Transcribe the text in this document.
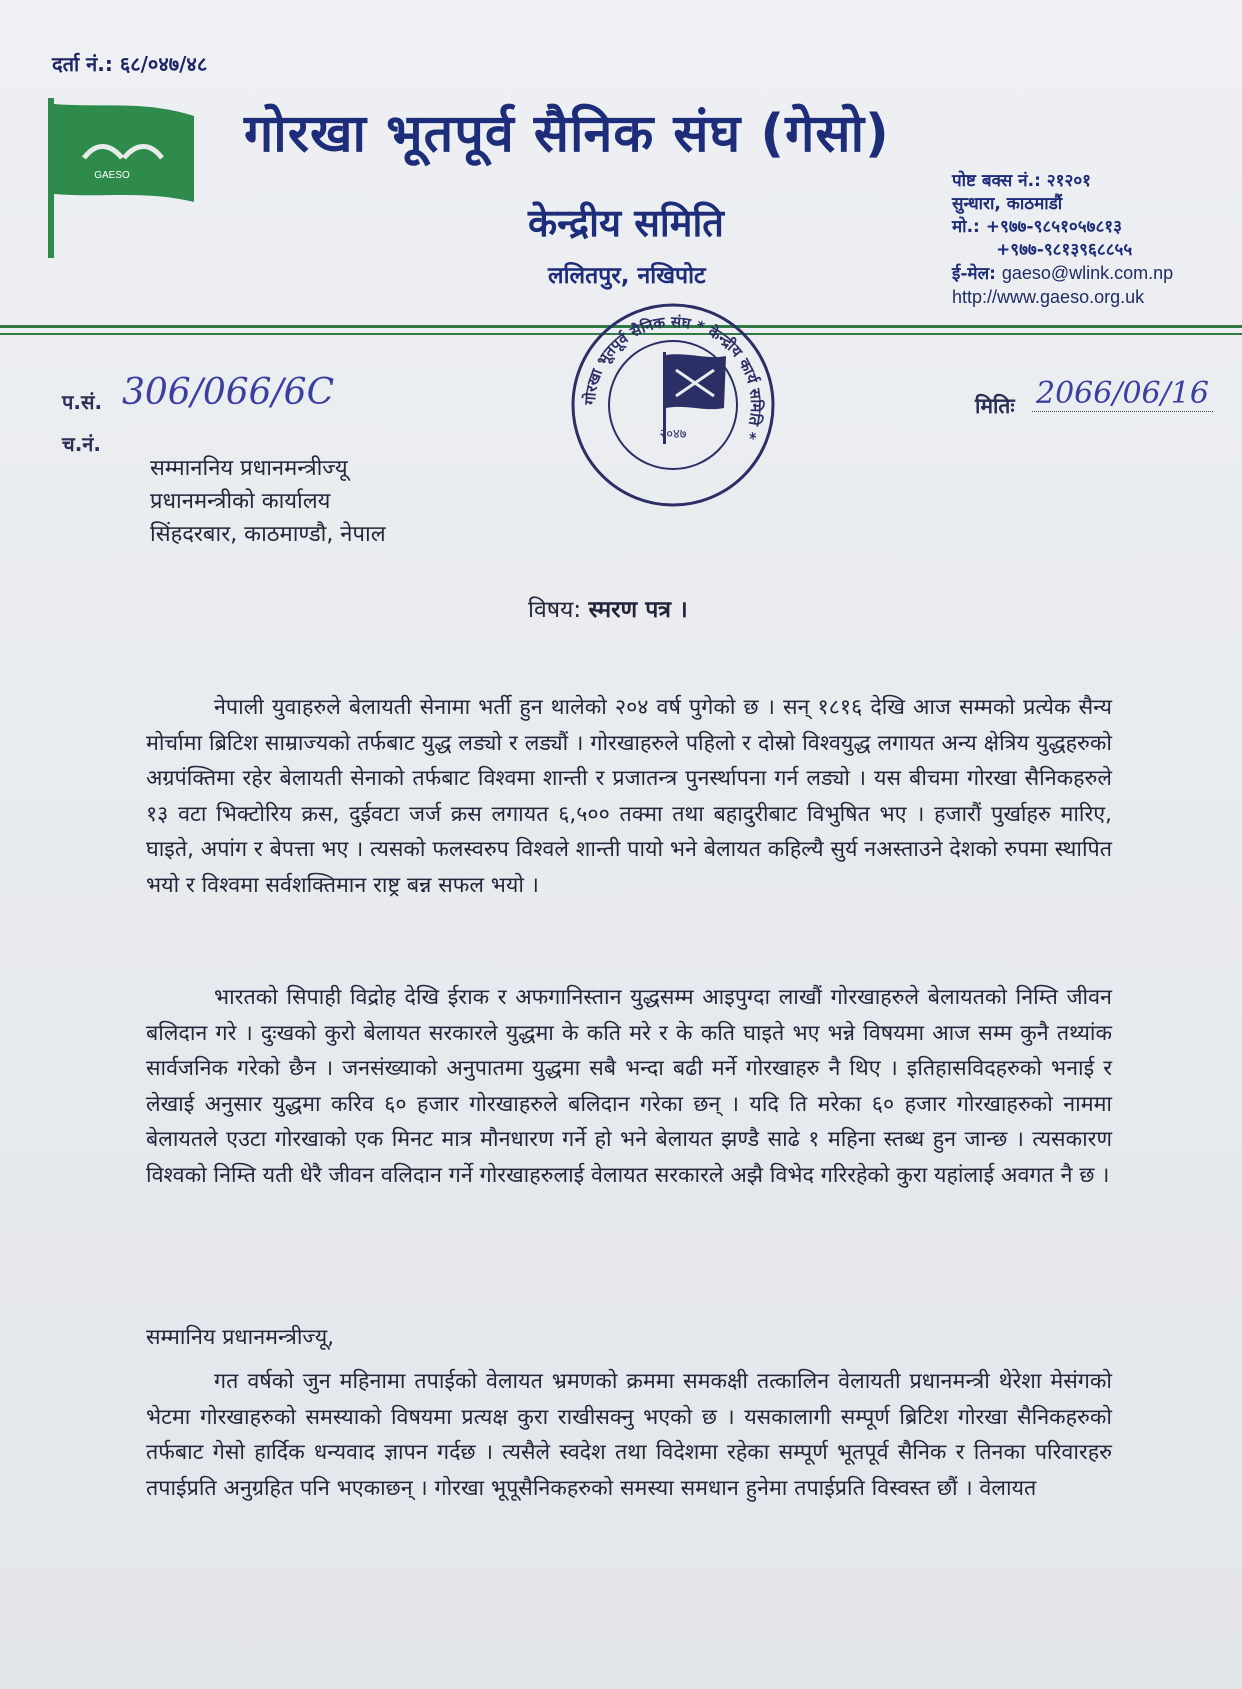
दर्ता नं.: ६८/०४७/४८
GAESO
गोरखा भूतपूर्व सैनिक संघ (गेसो)
केन्द्रीय समिति
ललितपुर, नखिपोट
पोष्ट बक्स नं.: २१२०१
सुन्धारा, काठमाडौं
मो.: +९७७-९८५१०५७८१३
+९७७-९८१३९६८८५५
ई-मेल: gaeso@wlink.com.np
http://www.gaeso.org.uk
गोरखा भूतपूर्व सैनिक संघ * केन्द्रीय कार्य समिति *
२०४७
प.सं. 306/066/6C
च.नं.
मितिः 2066/06/16
सम्माननिय प्रधानमन्त्रीज्यू
प्रधानमन्त्रीको कार्यालय
सिंहदरबार, काठमाण्डौ, नेपाल
विषय: स्मरण पत्र ।

नेपाली युवाहरुले बेलायती सेनामा भर्ती हुन थालेको २०४ वर्ष पुगेको छ । सन् १८१६ देखि आज सम्मको प्रत्येक सैन्य मोर्चामा ब्रिटिश साम्राज्यको तर्फबाट युद्ध लड्यो र लड्यौं । गोरखाहरुले पहिलो र दोस्रो विश्वयुद्ध लगायत अन्य क्षेत्रिय युद्धहरुको अग्रपंक्तिमा रहेर बेलायती सेनाको तर्फबाट विश्वमा शान्ती र प्रजातन्त्र पुनर्स्थापना गर्न लड्यो । यस बीचमा गोरखा सैनिकहरुले १३ वटा भिक्टोरिय क्रस, दुईवटा जर्ज क्रस लगायत ६,५०० तक्मा तथा बहादुरीबाट विभुषित भए । हजारौं पुर्खाहरु मारिए, घाइते, अपांग र बेपत्ता भए । त्यसको फलस्वरुप विश्वले शान्ती पायो भने बेलायत कहिल्यै सुर्य नअस्ताउने देशको रुपमा स्थापित भयो र विश्वमा सर्वशक्तिमान राष्ट्र बन्न सफल भयो ।

भारतको सिपाही विद्रोह देखि ईराक र अफगानिस्तान युद्धसम्म आइपुग्दा लाखौं गोरखाहरुले बेलायतको निम्ति जीवन बलिदान गरे । दुःखको कुरो बेलायत सरकारले युद्धमा के कति मरे र के कति घाइते भए भन्ने विषयमा आज सम्म कुनै तथ्यांक सार्वजनिक गरेको छैन । जनसंख्याको अनुपातमा युद्धमा सबै भन्दा बढी मर्ने गोरखाहरु नै थिए । इतिहासविदहरुको भनाई र लेखाई अनुसार युद्धमा करिव ६० हजार गोरखाहरुले बलिदान गरेका छन् । यदि ति मरेका ६० हजार गोरखाहरुको नाममा बेलायतले एउटा गोरखाको एक मिनट मात्र मौनधारण गर्ने हो भने बेलायत झण्डै साढे १ महिना स्तब्ध हुन जान्छ । त्यसकारण विश्वको निम्ति यती धेरै जीवन वलिदान गर्ने गोरखाहरुलाई वेलायत सरकारले अझै विभेद गरिरहेको कुरा यहांलाई अवगत नै छ ।

सम्मानिय प्रधानमन्त्रीज्यू,

गत वर्षको जुन महिनामा तपाईको वेलायत भ्रमणको क्रममा समकक्षी तत्कालिन वेलायती प्रधानमन्त्री थेरेशा मेसंगको भेटमा गोरखाहरुको समस्याको विषयमा प्रत्यक्ष कुरा राखीसक्नु भएको छ । यसकालागी सम्पूर्ण ब्रिटिश गोरखा सैनिकहरुको तर्फबाट गेसो हार्दिक धन्यवाद ज्ञापन गर्दछ । त्यसैले स्वदेश तथा विदेशमा रहेका सम्पूर्ण भूतपूर्व सैनिक र तिनका परिवारहरु तपाईप्रति अनुग्रहित पनि भएकाछन् । गोरखा भूपूसैनिकहरुको समस्या समधान हुनेमा तपाईप्रति विस्वस्त छौं । वेलायत
